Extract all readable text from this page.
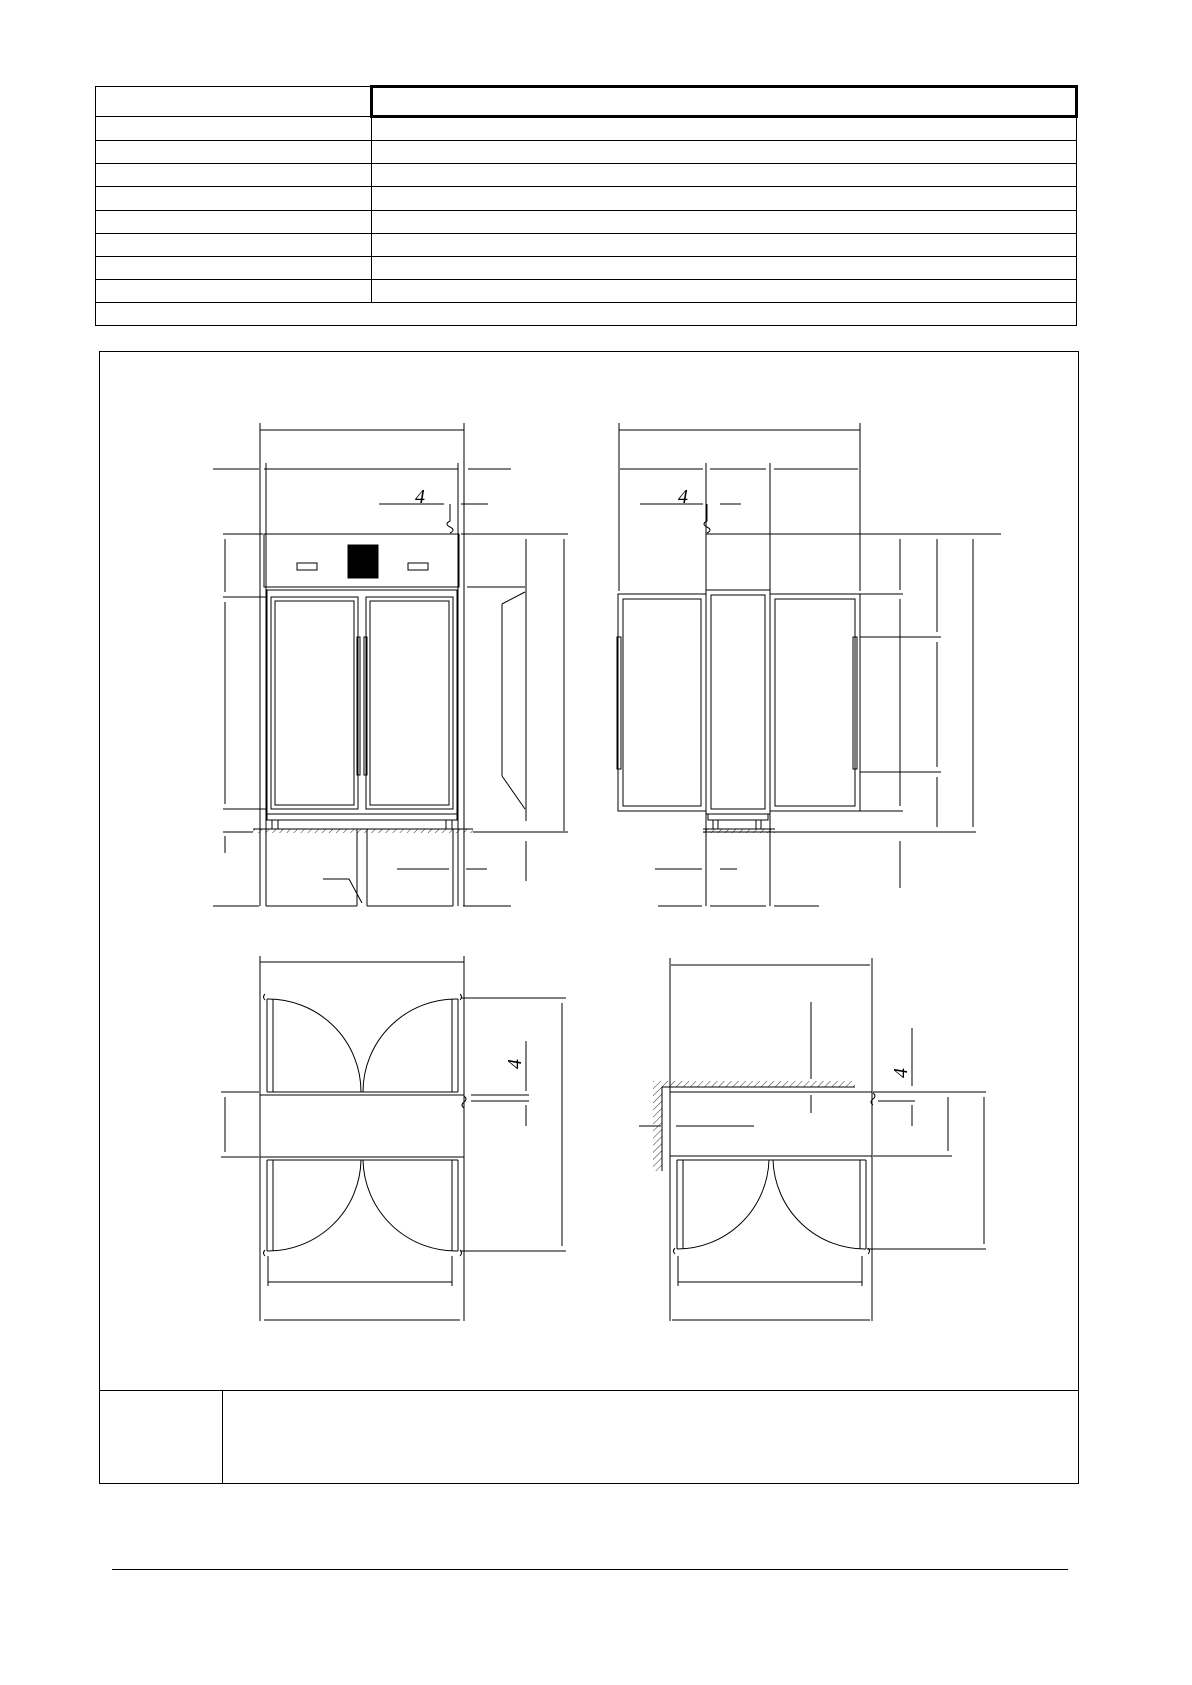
4	4
4
4
